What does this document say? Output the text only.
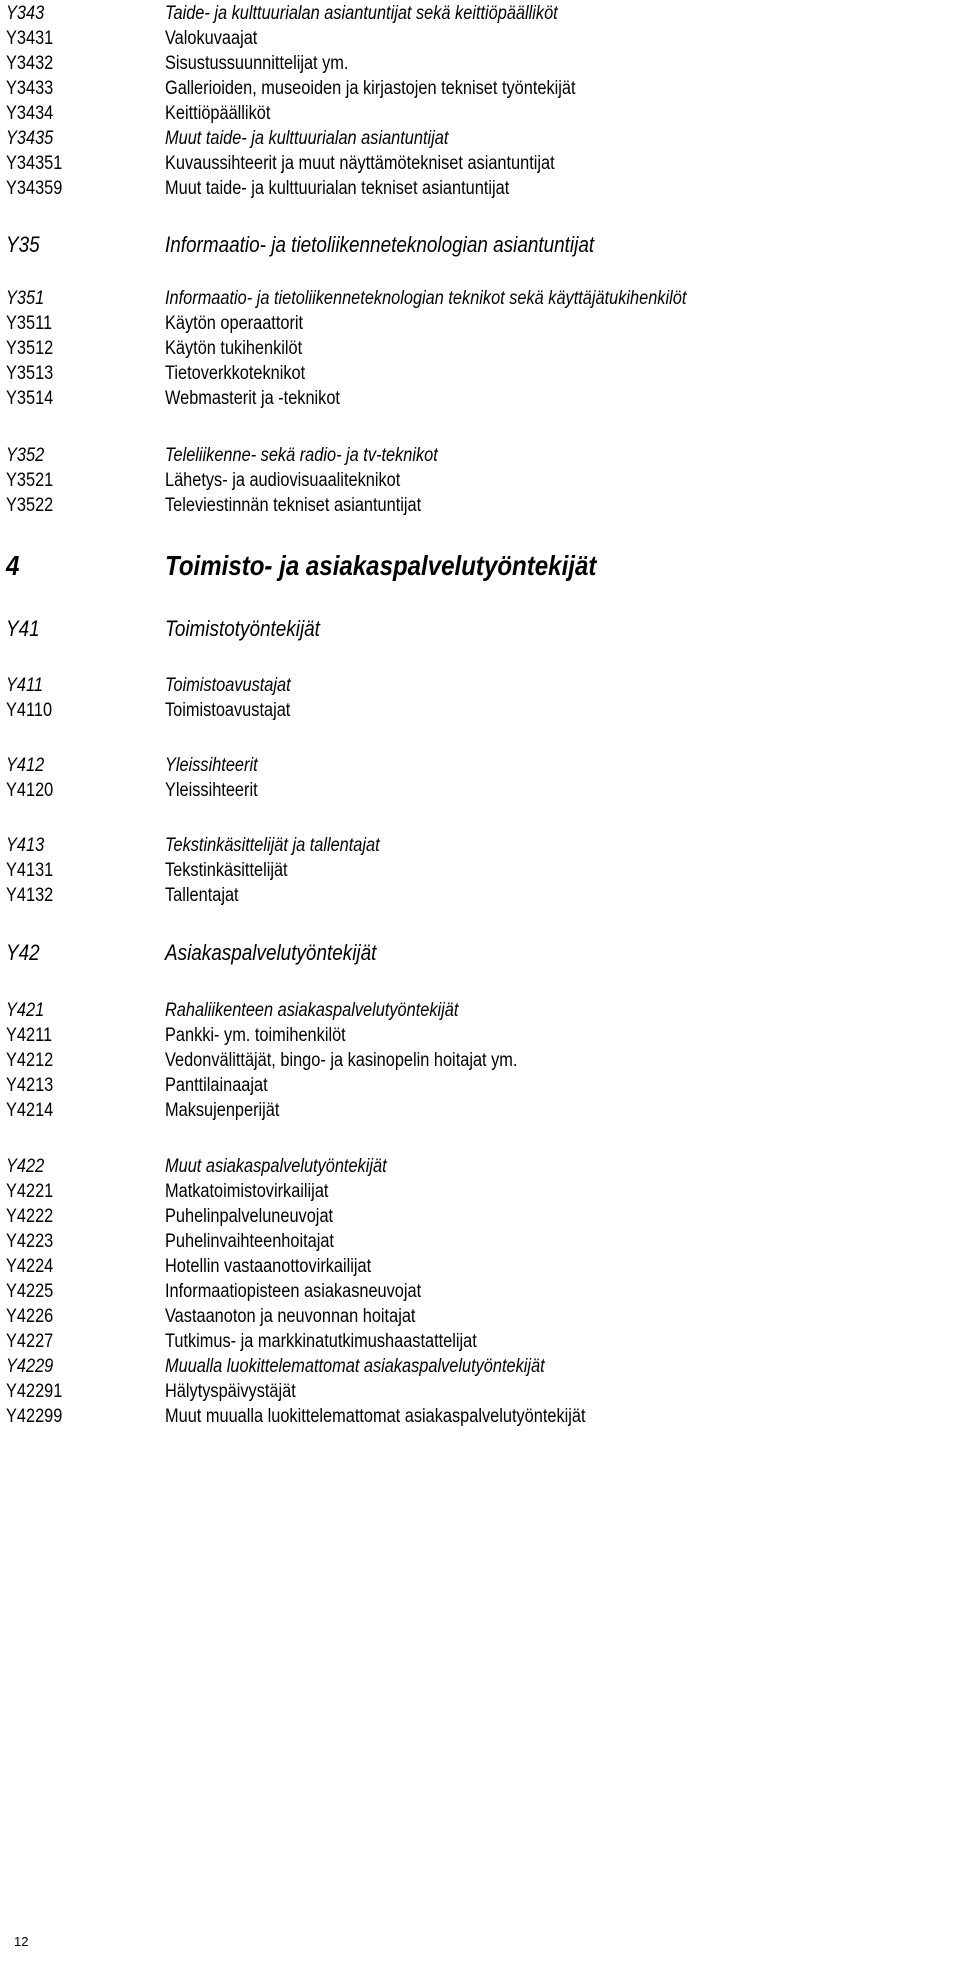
Y343	Taide- ja kulttuurialan asiantuntijat sekä keittiöpäälliköt
Y3431	Valokuvaajat
Y3432	Sisustussuunnittelijat ym.
Y3433	Gallerioiden, museoiden ja kirjastojen tekniset työntekijät
Y3434	Keittiöpäälliköt
Y3435	Muut taide- ja kulttuurialan asiantuntijat
Y34351	Kuvaussihteerit ja muut näyttämötekniset asiantuntijat
Y34359	Muut taide- ja kulttuurialan tekniset asiantuntijat
Y35	Informaatio- ja tietoliikenneteknologian asiantuntijat
Y351	Informaatio- ja tietoliikenneteknologian teknikot sekä käyttäjätukihenkilöt
Y3511	Käytön operaattorit
Y3512	Käytön tukihenkilöt
Y3513	Tietoverkkoteknikot
Y3514	Webmasterit ja -teknikot
Y352	Teleliikenne- sekä radio- ja tv-teknikot
Y3521	Lähetys- ja audiovisuaaliteknikot
Y3522	Televiestinnän tekniset asiantuntijat
4	Toimisto- ja asiakaspalvelutyöntekijät
Y41	Toimistotyöntekijät
Y411	Toimistoavustajat
Y4110	Toimistoavustajat
Y412	Yleissihteerit
Y4120	Yleissihteerit
Y413	Tekstinkäsittelijät ja tallentajat
Y4131	Tekstinkäsittelijät
Y4132	Tallentajat
Y42	Asiakaspalvelutyöntekijät
Y421	Rahaliikenteen asiakaspalvelutyöntekijät
Y4211	Pankki- ym. toimihenkilöt
Y4212	Vedonvälittäjät, bingo- ja kasinopelin hoitajat ym.
Y4213	Panttilainaajat
Y4214	Maksujenperijät
Y422	Muut asiakaspalvelutyöntekijät
Y4221	Matkatoimistovirkailijat
Y4222	Puhelinpalveluneuvojat
Y4223	Puhelinvaihteenhoitajat
Y4224	Hotellin vastaanottovirkailijat
Y4225	Informaatiopisteen asiakasneuvojat
Y4226	Vastaanoton ja neuvonnan hoitajat
Y4227	Tutkimus- ja markkinatutkimushaastattelijat
Y4229	Muualla luokittelemattomat asiakaspalvelutyöntekijät
Y42291	Hälytyspäivystäjät
Y42299	Muut muualla luokittelemattomat asiakaspalvelutyöntekijät
12
